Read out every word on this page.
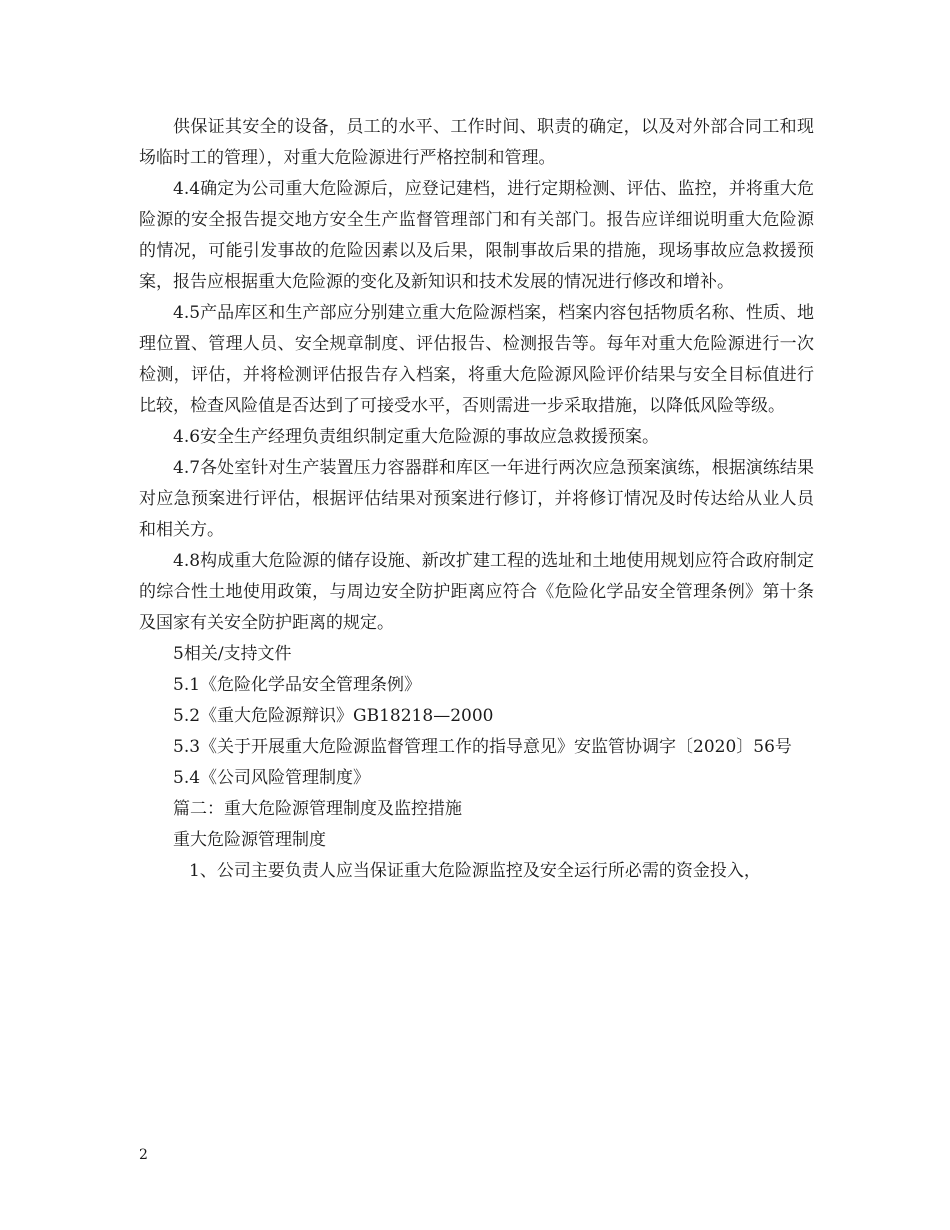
供保证其安全的设备，员工的水平、工作时间、职责的确定，以及对外部合同工和现场临时工的管理），对重大危险源进行严格控制和管理。

4.4确定为公司重大危险源后，应登记建档，进行定期检测、评估、监控，并将重大危险源的安全报告提交地方安全生产监督管理部门和有关部门。报告应详细说明重大危险源的情况，可能引发事故的危险因素以及后果，限制事故后果的措施，现场事故应急救援预案，报告应根据重大危险源的变化及新知识和技术发展的情况进行修改和增补。

4.5产品库区和生产部应分别建立重大危险源档案，档案内容包括物质名称、性质、地理位置、管理人员、安全规章制度、评估报告、检测报告等。每年对重大危险源进行一次检测，评估，并将检测评估报告存入档案，将重大危险源风险评价结果与安全目标值进行比较，检查风险值是否达到了可接受水平，否则需进一步采取措施，以降低风险等级。

4.6安全生产经理负责组织制定重大危险源的事故应急救援预案。

4.7各处室针对生产装置压力容器群和库区一年进行两次应急预案演练，根据演练结果对应急预案进行评估，根据评估结果对预案进行修订，并将修订情况及时传达给从业人员和相关方。

4.8构成重大危险源的储存设施、新改扩建工程的选址和土地使用规划应符合政府制定的综合性土地使用政策，与周边安全防护距离应符合《危险化学品安全管理条例》第十条及国家有关安全防护距离的规定。

5相关/支持文件

5.1《危险化学品安全管理条例》

5.2《重大危险源辩识》GB18218—2000

5.3《关于开展重大危险源监督管理工作的指导意见》安监管协调字〔2020〕56号

5.4《公司风险管理制度》

篇二：重大危险源管理制度及监控措施

重大危险源管理制度

1、公司主要负责人应当保证重大危险源监控及安全运行所必需的资金投入，

2
